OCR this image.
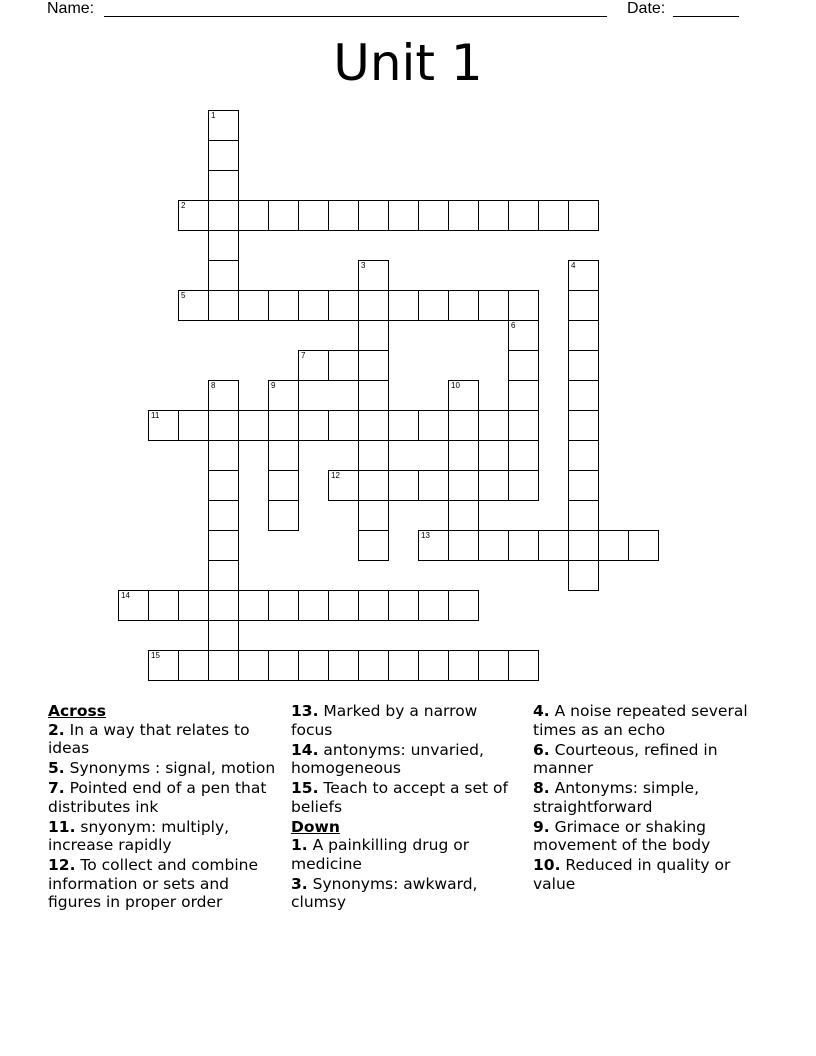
Name:	Date:
Unit 1
1
2
3	4
5
6
7
8	9	10
11
12
13
14
15

Across

2. In a way that relates to ideas

5. Synonyms : signal, motion

7. Pointed end of a pen that distributes ink

11. snyonym: multiply, increase rapidly

12. To collect and combine information or sets and figures in proper order

13. Marked by a narrow focus

14. antonyms: unvaried, homogeneous

15. Teach to accept a set of beliefs

Down

1. A painkilling drug or medicine

3. Synonyms: awkward, clumsy

4. A noise repeated several times as an echo

6. Courteous, refined in manner

8. Antonyms: simple, straightforward

9. Grimace or shaking movement of the body

10. Reduced in quality or value
